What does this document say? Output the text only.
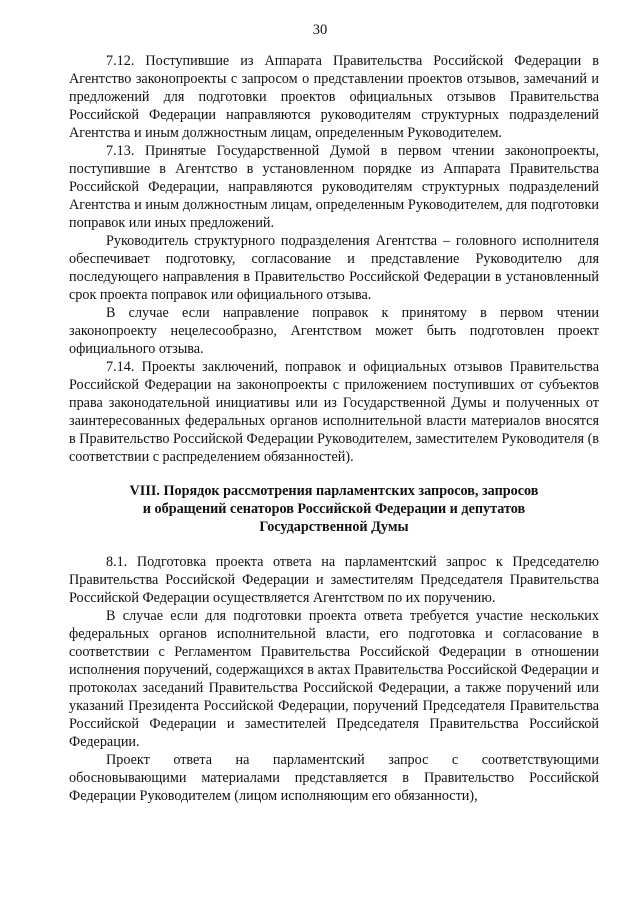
30

7.12. Поступившие из Аппарата Правительства Российской Федерации в Агентство законопроекты с запросом о представлении проектов отзывов, замечаний и предложений для подготовки проектов официальных отзывов Правительства Российской Федерации направляются руководителям структурных подразделений Агентства и иным должностным лицам, определенным Руководителем.

7.13. Принятые Государственной Думой в первом чтении законопроекты, поступившие в Агентство в установленном порядке из Аппарата Правительства Российской Федерации, направляются руководителям структурных подразделений Агентства и иным должностным лицам, определенным Руководителем, для подготовки поправок или иных предложений.

Руководитель структурного подразделения Агентства – головного исполнителя обеспечивает подготовку, согласование и представление Руководителю для последующего направления в Правительство Российской Федерации в установленный срок проекта поправок или официального отзыва.

В случае если направление поправок к принятому в первом чтении законопроекту нецелесообразно, Агентством может быть подготовлен проект официального отзыва.

7.14. Проекты заключений, поправок и официальных отзывов Правительства Российской Федерации на законопроекты с приложением поступивших от субъектов права законодательной инициативы или из Государственной Думы и полученных от заинтересованных федеральных органов исполнительной власти материалов вносятся в Правительство Российской Федерации Руководителем, заместителем Руководителя (в соответствии с распределением обязанностей).

VIII. Порядок рассмотрения парламентских запросов, запросов
и обращений сенаторов Российской Федерации и депутатов
Государственной Думы

8.1. Подготовка проекта ответа на парламентский запрос к Председателю Правительства Российской Федерации и заместителям Председателя Правительства Российской Федерации осуществляется Агентством по их поручению.

В случае если для подготовки проекта ответа требуется участие нескольких федеральных органов исполнительной власти, его подготовка и согласование в соответствии с Регламентом Правительства Российской Федерации в отношении исполнения поручений, содержащихся в актах Правительства Российской Федерации и протоколах заседаний Правительства Российской Федерации, а также поручений или указаний Президента Российской Федерации, поручений Председателя Правительства Российской Федерации и заместителей Председателя Правительства Российской Федерации.

Проект ответа на парламентский запрос с соответствующими обосновывающими материалами представляется в Правительство Российской Федерации Руководителем (лицом исполняющим его обязанности),
